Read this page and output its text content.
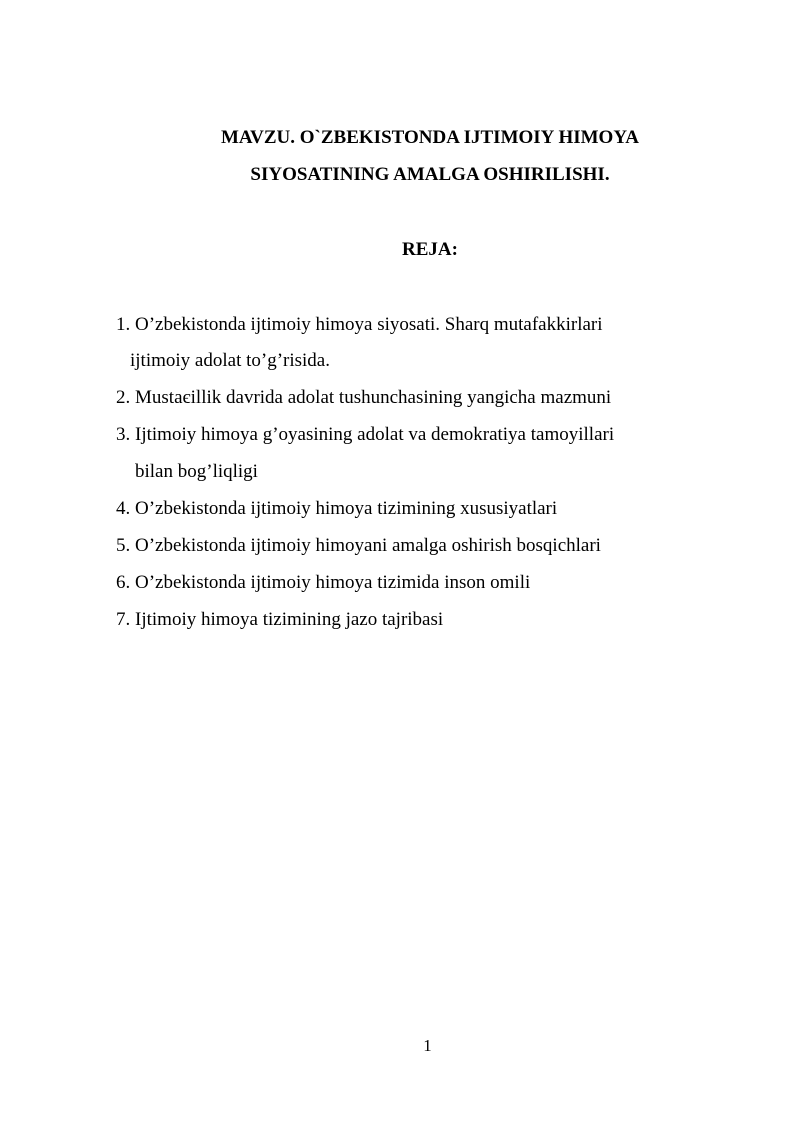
MAVZU. O`ZBEKISTONDA IJTIMOIY HIMOYA
SIYOSATINING AMALGA OSHIRILISHI.
REJA:
1. O’zbekistonda ijtimoiy himoya siyosati. Sharq mutafakkirlari
ijtimoiy adolat to’g’risida.
2. Mustaєillik davrida adolat tushunchasining yangicha mazmuni
3. Ijtimoiy himoya g’oyasining adolat va demokratiya tamoyillari
bilan bog’liqligi
4. O’zbekistonda ijtimoiy himoya tizimining xususiyatlari
5. O’zbekistonda ijtimoiy himoyani amalga oshirish bosqichlari
6. O’zbekistonda ijtimoiy himoya tizimida inson omili
7. Ijtimoiy himoya tizimining jazo tajribasi
1
